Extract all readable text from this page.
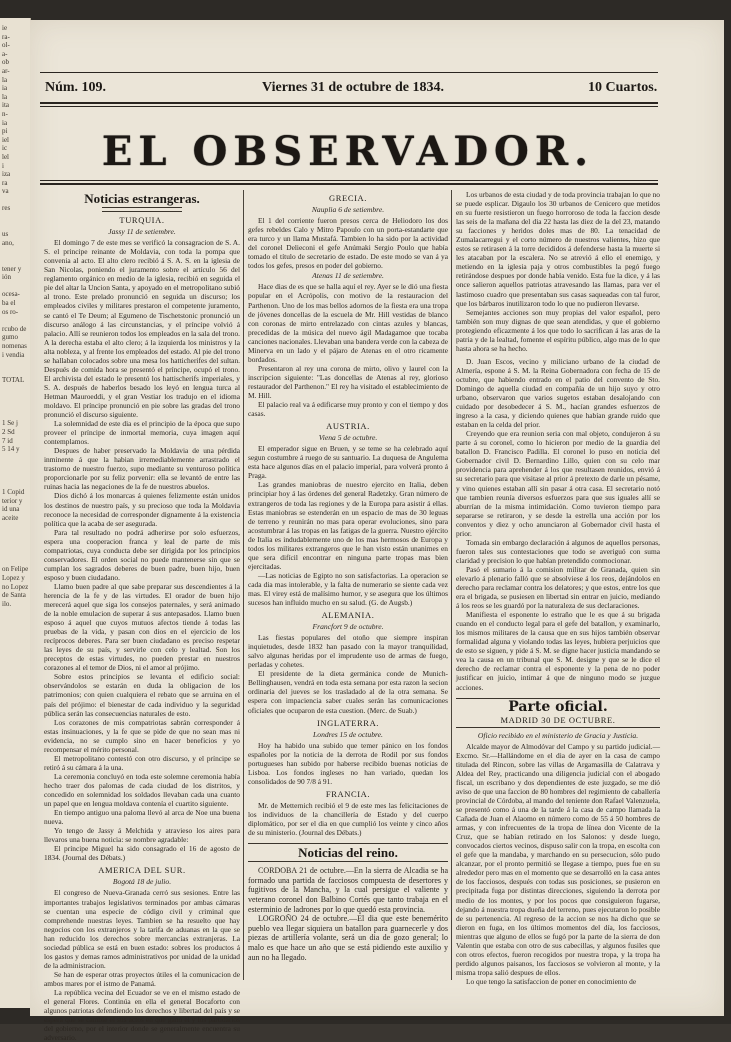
ie
ra-
ol-
a-
ob
ar-
la
ia
la
ita
n-
ia
pi
iel
ic
lel
i
iza
ra
va

res

us
ano,

tener y
ión

ocesa-
ba el
os ro-

rcubo de
gumo
nomenas
i vendia

TOTAL

1 Se j
2 Sd
7 id
5 14 y

1 Copid
terior y
id una
aceite

on Felipe
Lopez y
no Lopez
de Santa
ilo.
Núm. 109.	Viernes 31 de octubre de 1834.	10 Cuartos.
EL OBSERVADOR.
Noticias estrangeras.
TURQUIA.
Jassy 11 de setiembre.

El domingo 7 de este mes se verificó la consagracion de S. A. S. el principe reinante de Moldavia, con toda la pompa que convenia al acto. El alto clero recibió á S. A. S. en la iglesia de San Nicolas, poniendo el juramento sobre el artículo 56 del reglamento orgánico en medio de la iglesia, recibió en seguida el pie del altar la Uncion Santa, y apoyado en el metropolitano subió al trono. Este prelado pronunció en seguida un discurso; los empleados civiles y militares prestaron el competente juramento, se cantó el Te Deum; al Egumeno de Tischetstonic pronunció un discurso análogo á las circunstancias, y el príncipe volvió á palacio. Allí se reunieron todos los empleados en la sala del trono. A la derecha estaba el alto clero; á la izquierda los ministros y la alta nobleza, y al frente los empleados del estado. Al pie del trono se hallaban colocados sobre una mesa los hatticherifes del sultan. Después de comida hora se presentó el príncipe, ocupó el trono. El archivista del estado le presentó los hattischerifs imperiales, y S. A. después de haberlos besado los leyó en lengua turca al Hetman Mauroeddi, y el gran Vestiar los tradujo en el idioma moldavo. El príncipe pronunció en pie sobre las gradas del trono pronunció el discurso siguiente.

La solemnidad de este dia es el principio de la época que supo proveer el príncipe de inmortal memoria, cuya imagen aquí contemplamos.

Despues de haber preservado la Moldavia de una pérdida inminente á que la habian irremediablemente arrastrado el trastorno de nuestro fuerzo, supo mediante su venturoso política proporcionarle por su feliz porvenir: ella se levantó de entre las ruinas hacia las negaciones de la fe de nuestros abuelos.

Dios dichó á los monarcas á quienes felizmente están unidos los destinos de nuestro país, y su precioso que toda la Moldavia reconoce la necesidad de corresponder dignamente á la existencia política que la acaba de ser asegurada.

Para tal resultado no podrá adherirse por solo esfuerzos, espera una cooperacion franca y leal de parte de mis compatriotas, cuya conducta debe ser dirigida por los principios conservadores. El orden social no puede mantenerse sin que se cumplan los sagrados deberes de buen padre, buen hijo, buen esposo y buen ciudadano.

Llamo buen padre al que sabe preparar sus descendientes á la herencia de la fe y de las virtudes. El orador de buen hijo merecerá aquel que siga los consejos paternales, y será animado de la noble emulacion de superar á sus antepasados. Llamo buen esposo á aquel que cuyos mutuos afectos tiende á todas las pruebas de la vida, y pasan con dios en el ejercicio de los recíprocos deberes. Para ser buen ciudadano es preciso respetar las leyes de su país, y servirle con celo y lealtad. Son los preceptos de estas virtudes, no pueden prestar en nuestros corazones al el temor de Dios, ni el amor al prójimo.

Sobre estos principios se levanta el edificio social: observándolos se estarán en duda la obligacion de los patrimonios; con quien cualquiera el rebato que se arruina en el país del prójimo: el bienestar de cada individuo y la seguridad pública serán las consecuencias naturales de esto.

Los corazones de mis compatriotas sabrán corresponder á estas insinuaciones, y la fe que se pide de que no sean mas ni evidencia, no se cumplo sino en hacer beneficios y yo recompensar el mérito personal.

El metropolitano contestó con otro discurso, y el príncipe se retiró á su cámara á la una.

La ceremonia concluyó en toda este solemne ceremonia había hecho traer dos palomas de cada ciudad de los distritos, y concedido en solemnidad los soldados llevaban cada una cuanto un papel que en lengua moldava contenía el cuartito siguiente.

En tiempo antiguo una paloma llevó al arca de Noe una buena nueva.

Yo tengo de Jassy á Melchida y atravieso los aires para llevaros una buena noticia: se nombre agradable:

El príncipe Miguel ha sido consagrado el 16 de agosto de 1834. (Journal des Débats.)

AMERICA DEL SUR.
Bogotá 18 de julio.

El congreso de Nueva-Granada cerró sus sesiones. Entre las importantes trabajos legislativos terminados por ambas cámaras se cuentan una especie de código civil y criminal que comprehende nuestras leyes. Tambien se ha resuelto que hay negocios con los extranjeros y la tarifa de aduanas en la que se han reducido los derechos sobre mercancías extranjeras. La sociedad pública se está en buen estado: sobres los productos á los gastos y demas ramos administrativos por unidad de la unidad de la administracion.

Se han de esperar otras proyectos útiles el la comunicacion de ambos mares por el istmo de Panamá.

La república vecina del Ecuador se ve en el mismo estado de el general Flores. Continúa en ella el general Bocaforto con algunos patriotas defendiendo los derechos y libertad del país y se espera que se cambie el sus actos en que ganó el y los partidarios del gobierno, por el interior donde se generalmente encuentra su adversario.

GRECIA.
Nauplia 6 de setiembre.

El 1 del corriente fueron presos cerca de Heliodoro los dos gefes rebeldes Calo y Mitro Papoulo con un porta-estandarte que era turco y un llama Mustafá. Tambien lo ha sido por la actividad del coronel Delieconi el gefe Anúmaki Sergio Poulo que había tomado el título de secretario de estado. De este modo se van á ya todos los gefes, presos en poder del gobierno.

Atenas 11 de setiembre.

Hace dias de es que se halla aquí el rey. Ayer se le dió una fiesta popular en el Acrópolis, con motivo de la restauracion del Parthenon. Uno de los mas bellos adornos de la fiesta era una tropa de jóvenes doncellas de la escuela de Mr. Hill vestidas de blanco con coronas de mirto entrelazado con cintas azules y blancas, precedidas de la música del nuevo ágil Madagamoe que tocaba canciones nacionales. Llevaban una bandera verde con la cabeza de Minerva en un lado y el pájaro de Atenas en el otro ricamente bordados.

Presentaron al rey una corona de mirto, olivo y laurel con la inscripcion siguiente: "Las doncellas de Atenas al rey, glorioso restaurador del Parthenon." El rey ha visitado el establecimiento de M. Hill.

El palacio real va á edificarse muy pronto y con el tiempo y dos casas.

AUSTRIA.
Viena 5 de octubre.

El emperador sigue en Bruen, y se teme se ha celebrado aquí segun costumbre á ruego de su santuario. La duquesa de Angulema esta hace algunos días en el palacio imperial, para volverá pronto á Praga.

Las grandes maniobras de nuestro ejercito en Italia, deben principiar hoy á las órdenes del general Radetzky. Gran número de extrangeros de toda las regiones y de la Europa para asistir á ellas. Estas maniobras se estenderán en un espacio de mas de 30 leguas de terreno y reunirán no mas para operar evoluciones, sino para acostumbrar á las tropas en las fatigas de la guerra. Nuestro ejército de Italia es indudablemente uno de los mas hermosos de Europa y todos los militares extrangeros que le han visto están unanimes en que sera difícil encontrar en ninguna parte tropas mas bien ejercitadas.

—Las noticias de Egipto no son satisfactorias. La operacion se cada dia mas intolerable, y la falta de numerario se siente cada vez mas. El virey está de malísimo humor, y se asegura que los últimos sucesos han influido mucho en su salud. (G. de Augsb.)

ALEMANIA.
Francfort 9 de octubre.

Las fiestas populares del otoño que siempre inspiran inquietudes, desde 1832 han pasado con la mayor tranquilidad, salvo algunas heridas por el imprudente uso de armas de fuego, perladas y cohetes.

El presidente de la dieta germánica conde de Munich-Bellinghausen, vendrá en toda esta semana por esta razon la secion ordinaria del jueves se los trasladado al de la otra semana. Se espera con impaciencia saber cuales serán las comunicaciones oficiales que ocuparon de esta cuestion. (Merc. de Suab.)

INGLATERRA.
Londres 15 de octubre.

Hoy ha habido una subido que temer pánico en los fondos españoles por la noticia de la derrota de Rodil por sus fondos portugueses han subido por haberse recibido buenas noticias de Lisboa. Los fondos ingleses no han variado, quedan los consolidados de 90 7/8 á 91.

FRANCIA.

Mr. de Metternich recibió el 9 de este mes las felicitaciones de los individuos de la chancillería de Estado y del cuerpo diplomático, por ser el dia en que cumplió los veinte y cinco años de su ministerio. (Journal des Débats.)

Noticias del reino.

CORDOBA 21 de octubre.—En la sierra de Alcadia se ha formado una partida de facciosos compuesta de desertores y fugitivos de la Mancha, y la cual persigue el valiente y veterano coronel don Balbino Cortés que tanto trabaja en el esterminio de ladrones por lo que quedó esta provincia.

LOGROÑO 24 de octubre.—El dia que este benemérito pueblo vea llegar siquiera un batallon para guarnecerle y dos piezas de artillería volante, será un dia de gozo general; lo malo es que hace un año que se está pidiendo este auxilio y aun no ha llegado.

Los urbanos de esta ciudad y de toda provincia trabajan lo que no se puede esplicar. Digaulo los 30 urbanos de Cenicero que metidos en su fuerte resistieron un fuego horroroso de toda la faccion desde las seis de la mañana del dia 22 hasta las diez de la del 23, matando su facciones y heridos doles mas de 80. La tenacidad de Zumalacarregui y el corto número de nuestros valientes, hizo que estos se retirasen á la torre decididos á defenderse hasta la muerte si les atacaban por la escalera. No se atrevió á ello el enemigo, y metiendo en la iglesia paja y otros combustibles la pegó fuego retirándose despues por donde había venido. Esta fue la dice, y á las once salieron aquellos patriotas atravesando las llamas, para ver el lastimoso cuadro que presentaban sus casas saqueadas con tal furor, que los bárbaros inutilizaron todo lo que no pudieron llevarse.

Semejantes acciones son muy propias del valor español, pero también son muy dignas de que sean atendidas, y que el gobierno protegiendo eficazmente á los que todo lo sacrifican á las aras de la patria y de la lealtad, fomente el espíritu público, algo mas de lo que hasta ahora se ha hecho.

D. Juan Escos, vecino y miliciano urbano de la ciudad de Almería, espone á S. M. la Reina Gobernadora con fecha de 15 de octubre, que habiendo entrado en el patio del convento de Sto. Domingo de aquella ciudad en compañía de un hijo suyo y otro urbano, observaron que varios sugetos estaban desalojando con cuidado por desobedecer á S. M., hacían grandes esfuerzos de ingreso a la casa, y diciendo quienes que habían grande ruido que estaban en la celda del prior.

Creyendo que era reunion seria con mal objeto, condujeron á su parte á su coronel, como lo hicieron por medio de la guardia del batallon D. Francisco Padilla. El coronel lo puso en noticia del Gobernador civil D. Bernardino Lillo, quien con su celo mar providencia para aprehender á los que resultasen reunidos, envió á su secretario para que visitase al prior á pretexto de darle un pésame, y vino quienes estaban allí sin pasar á otra casa. El secretario notó que tambien reunía diversos esfuerzos para que sus iguales allí se aburrían de la misma intimidación. Como tuvieron tiempo para separarse se retiraron, y se desde la estrella una acción por los conventos y diez y ocho anunciaron al Gobernador civil hasta el prior.

Tomada sin embargo declaración á algunos de aquellos personas, fueron tales sus contestaciones que todo se averiguó con suma claridad y precision lo que habían pretendido conmocionar.

Pasó el sumario á la comision militar de Granada, quien sin elevarlo á plenario falló que se absolviese á los reos, dejándolos en derecho para reclamar contra los delatores; y que estos, entre los que era el brigada, se pusiesen en libertad sin entrar en juicio, mediando á los reos se les guardó por la naturaleza de sus declaraciones.

Manifiesta el esponente lo estraño que le es que á su brigada cuando en el conducto legal para el gefe del batallon, y examinarlo, los mismos militares de la causa que en sus hijos también observar formalidad alguna y violando todas las leyes, hubiera perjuicios que de esto se siguen, y pide á S. M. se digne hacer justicia mandando se vea la causa en un tribunal que S. M. designe y que se le dice el derecho de reclamar contra el esponente y la pena de no poder justificar en juicio, intimar á que de ninguno modo se juzgue acciones.

Parte oficial.
MADRID 30 DE OCTUBRE.
Oficio recibido en el ministerio de Gracia y Justicia.

Alcalde mayor de Almodóvar del Campo y su partido judicial.—Excmo. Sr.—Hallándome en el dia de ayer en la casa de campo titulada del Rincon, sobre las villas de Argamasilla de Calatrava y Aldea del Rey, practicando una diligencia judicial con el abogado fiscal, un escribano y dos dependientes de este juzgado, se me dió aviso de que una faccion de 80 hombres del regimiento de caballería provincial de Córdoba, al mando del teniente don Rafael Valenzuela, se presentó como á una de la tarde á la casa de campo llamada la Cañada de Juan el Alaomo en número como de 55 á 50 hombres de armas, y con infrecuentes de la tropa de línea don Vicente de la Cruz, que se habían retirado en los Salonos: y desde luego, convocados ciertos vecinos, dispuso salir con la tropa, en escolta con el gefe que la mandaba, y marchando en su persecucion, sólo pudo alcanzar, por el pronto permitió se llegase a tiempo, pues fue en su alrededor pero mas en el momento que se desarrolló en la casa antes de los facciosos, después con todas sus posiciones, se pusieron en precipitada fuga por distintas direcciones, siguiendo la derrota por medio de los montes, y por los pocos que consiguieron fugarse, dejando á nuestra tropa dueña del terreno, pues ejecutaron lo posible de su pertenencia. Al regreso de la accion se nos ha dicho que se dieron en fuga, en los últimos momentos del día, los facciosos, mientras que alguno de ellos se fugó por la parte de la sierra de don Valentin que estaba con otro de sus cabecillas, y algunos fusiles que con otros efectos, fueron recogidos por nuestra tropa, y la tropa ha perdido algunos paisanos, los facciosos se volvieron al monte, y la misma tropa salió despues de ellos.

Lo que tengo la satisfaccion de poner en conocimiento de
